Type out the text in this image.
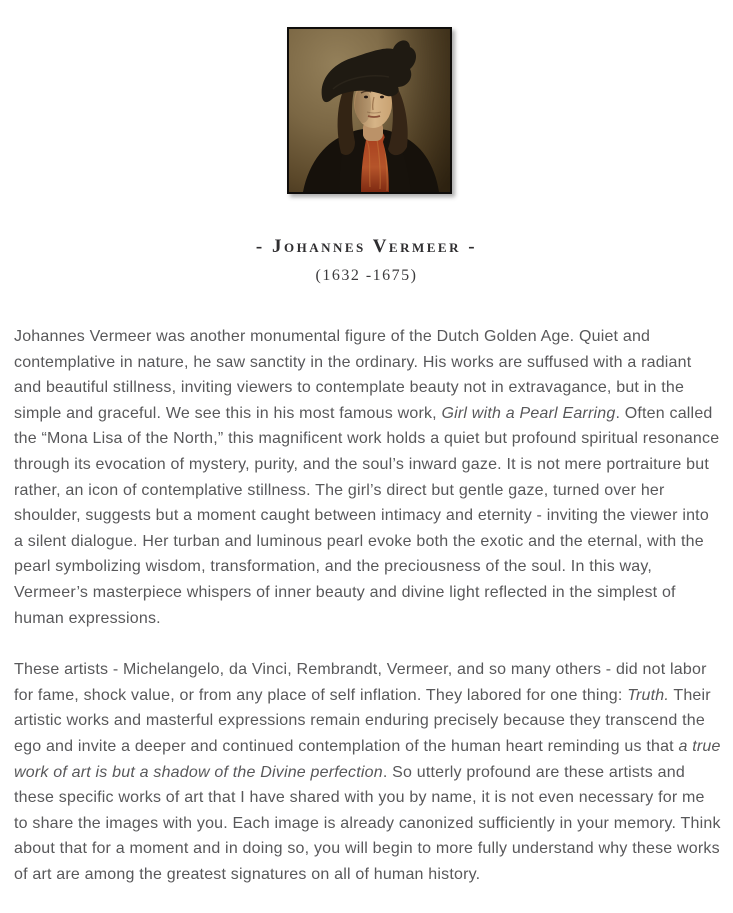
- Johannes Vermeer -
(1632 -1675)

Johannes Vermeer was another monumental figure of the Dutch Golden Age. Quiet and contemplative in nature, he saw sanctity in the ordinary. His works are suffused with a radiant and beautiful stillness, inviting viewers to contemplate beauty not in extravagance, but in the simple and graceful. We see this in his most famous work, Girl with a Pearl Earring. Often called the “Mona Lisa of the North,” this magnificent work holds a quiet but profound spiritual resonance through its evocation of mystery, purity, and the soul’s inward gaze. It is not mere portraiture but rather, an icon of contemplative stillness. The girl’s direct but gentle gaze, turned over her shoulder, suggests but a moment caught between intimacy and eternity - inviting the viewer into a silent dialogue. Her turban and luminous pearl evoke both the exotic and the eternal, with the pearl symbolizing wisdom, transformation, and the preciousness of the soul. In this way, Vermeer’s masterpiece whispers of inner beauty and divine light reflected in the simplest of human expressions.

These artists - Michelangelo, da Vinci, Rembrandt, Vermeer, and so many others - did not labor for fame, shock value, or from any place of self inflation. They labored for one thing: Truth. Their artistic works and masterful expressions remain enduring precisely because they transcend the ego and invite a deeper and continued contemplation of the human heart reminding us that a true work of art is but a shadow of the Divine perfection. So utterly profound are these artists and these specific works of art that I have shared with you by name, it is not even necessary for me to share the images with you. Each image is already canonized sufficiently in your memory. Think about that for a moment and in doing so, you will begin to more fully understand why these works of art are among the greatest signatures on all of human history.
